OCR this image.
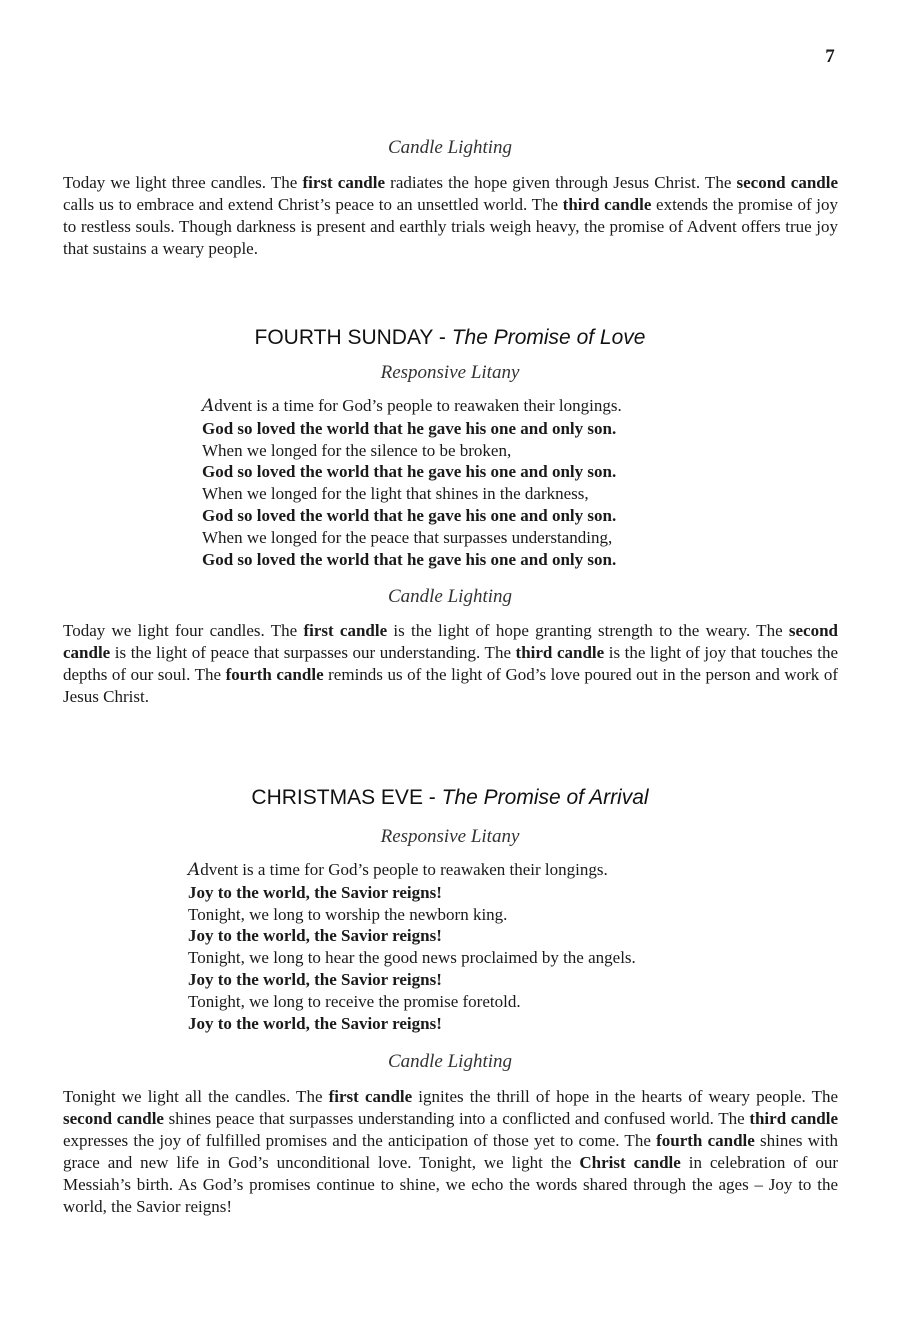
7
Candle Lighting
Today we light three candles. The first candle radiates the hope given through Jesus Christ. The second candle calls us to embrace and extend Christ’s peace to an unsettled world. The third candle extends the promise of joy to restless souls. Though darkness is present and earthly trials weigh heavy, the promise of Advent offers true joy that sustains a weary people.
FOURTH SUNDAY - The Promise of Love
Responsive Litany
Advent is a time for God’s people to reawaken their longings.
God so loved the world that he gave his one and only son.
When we longed for the silence to be broken,
God so loved the world that he gave his one and only son.
When we longed for the light that shines in the darkness,
God so loved the world that he gave his one and only son.
When we longed for the peace that surpasses understanding,
God so loved the world that he gave his one and only son.
Candle Lighting
Today we light four candles. The first candle is the light of hope granting strength to the weary. The second candle is the light of peace that surpasses our understanding. The third candle is the light of joy that touches the depths of our soul. The fourth candle reminds us of the light of God’s love poured out in the person and work of Jesus Christ.
CHRISTMAS EVE - The Promise of Arrival
Responsive Litany
Advent is a time for God’s people to reawaken their longings.
Joy to the world, the Savior reigns!
Tonight, we long to worship the newborn king.
Joy to the world, the Savior reigns!
Tonight, we long to hear the good news proclaimed by the angels.
Joy to the world, the Savior reigns!
Tonight, we long to receive the promise foretold.
Joy to the world, the Savior reigns!
Candle Lighting
Tonight we light all the candles. The first candle ignites the thrill of hope in the hearts of weary people. The second candle shines peace that surpasses understanding into a conflicted and confused world. The third candle expresses the joy of fulfilled promises and the anticipation of those yet to come. The fourth candle shines with grace and new life in God’s unconditional love. Tonight, we light the Christ candle in celebration of our Messiah’s birth. As God’s promises continue to shine, we echo the words shared through the ages – Joy to the world, the Savior reigns!
